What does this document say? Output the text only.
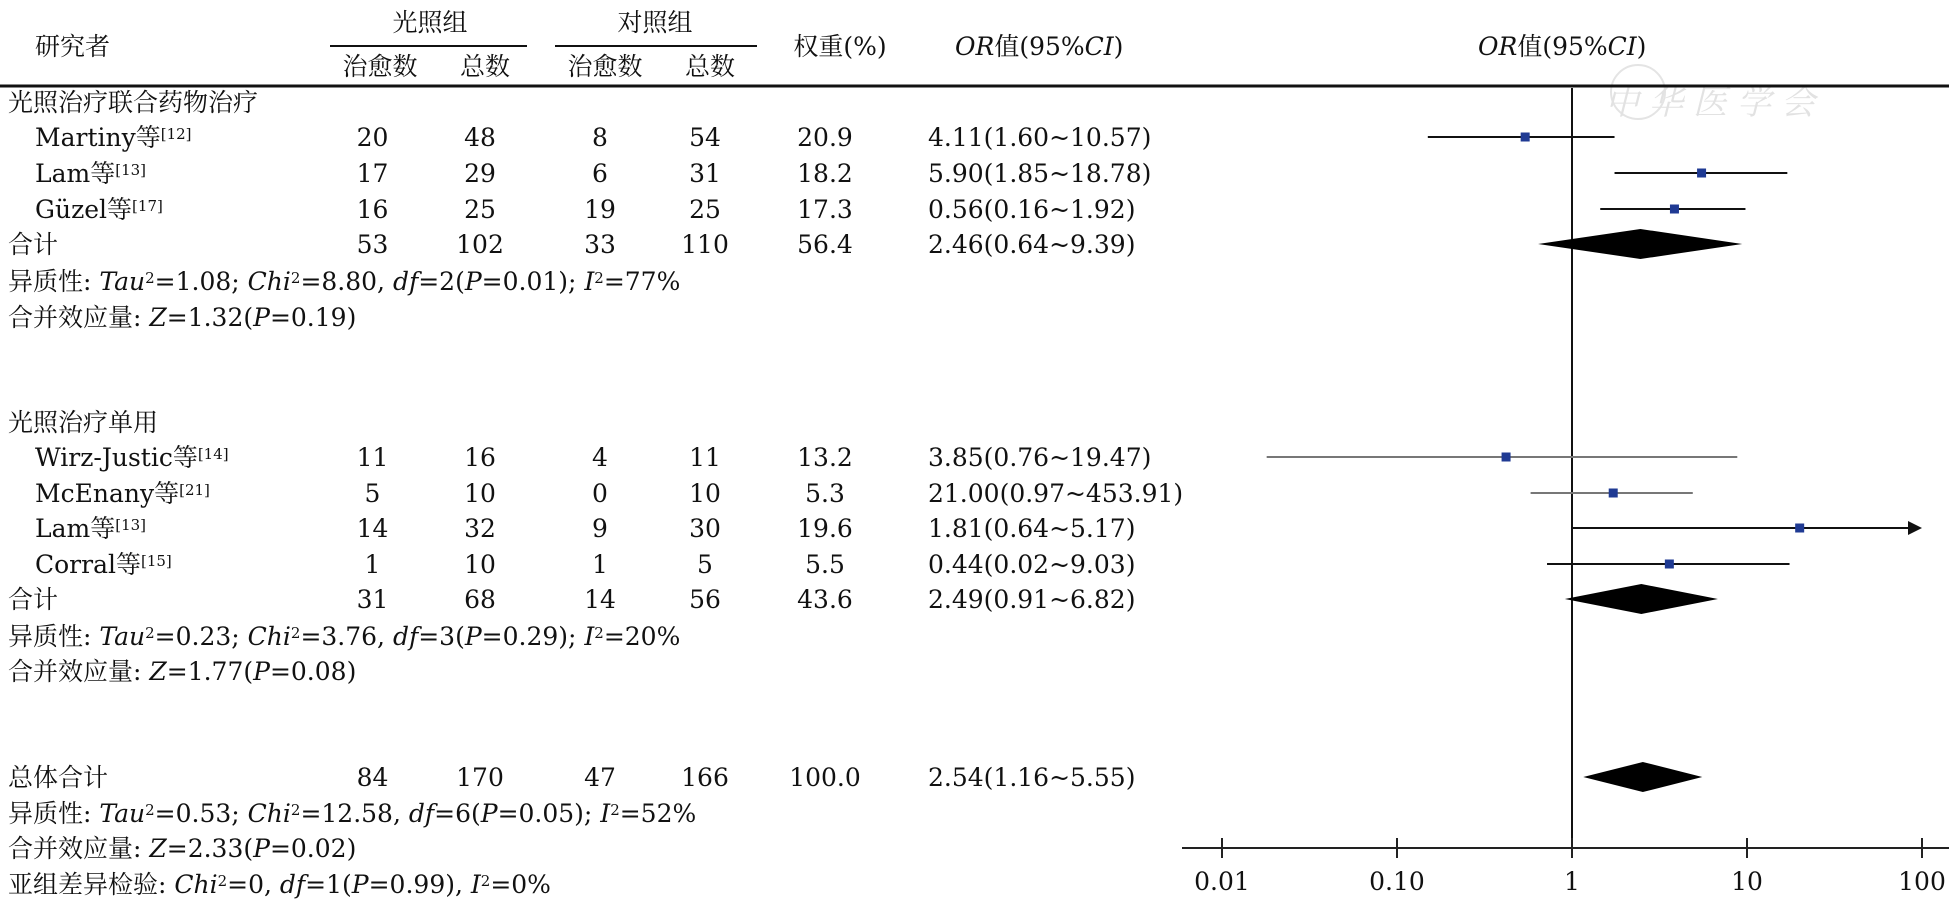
研究者
光照组	对照组
治愈数	总数	治愈数	总数
权重(%)	OR值(95%CI)	OR值(95%CI)
中华医学会
光照治疗联合药物治疗
Martiny等[12]	20	48	8	54	20.9	4.11(1.60~10.57)
Lam等[13]	17	29	6	31	18.2	5.90(1.85~18.78)
Güzel等[17]	16	25	19	25	17.3	0.56(0.16~1.92)
合计	53	102	33	110	56.4	2.46(0.64~9.39)
异质性: Tau$^2$=1.08; Chi$^2$=8.80, df=2(P=0.01); $I^2=77\%$
合并效应量: Z=1.32(P=0.19)
光照治疗单用
Wirz-Justic等[14]	11	16	4	11	13.2	3.85(0.76~19.47)
McEnany等[21]	5	10	0	10	5.3	21.00(0.97~453.91)
Lam等[13]	14	32	9	30	19.6	1.81(0.64~5.17)
Corral等[15]	1	10	1	5	5.5	0.44(0.02~9.03)
合计	31	68	14	56	43.6	2.49(0.91~6.82)
异质性: Tau$^2$=0.23; Chi$^2$=3.76, df=3(P=0.29); $I^2=20\%$
合并效应量: Z=1.77(P=0.08)
总体合计	84	170	47	166	100.0	2.54(1.16~5.55)
异质性: Tau$^2$=0.53; Chi$^2$=12.58, df=6(P=0.05); $I^2=52\%$
合并效应量: Z=2.33(P=0.02)
亚组差异检验: Chi$^2$=0, df=1(P=0.99), $I^2=0\%$	0.01	0.10	1	10	100
